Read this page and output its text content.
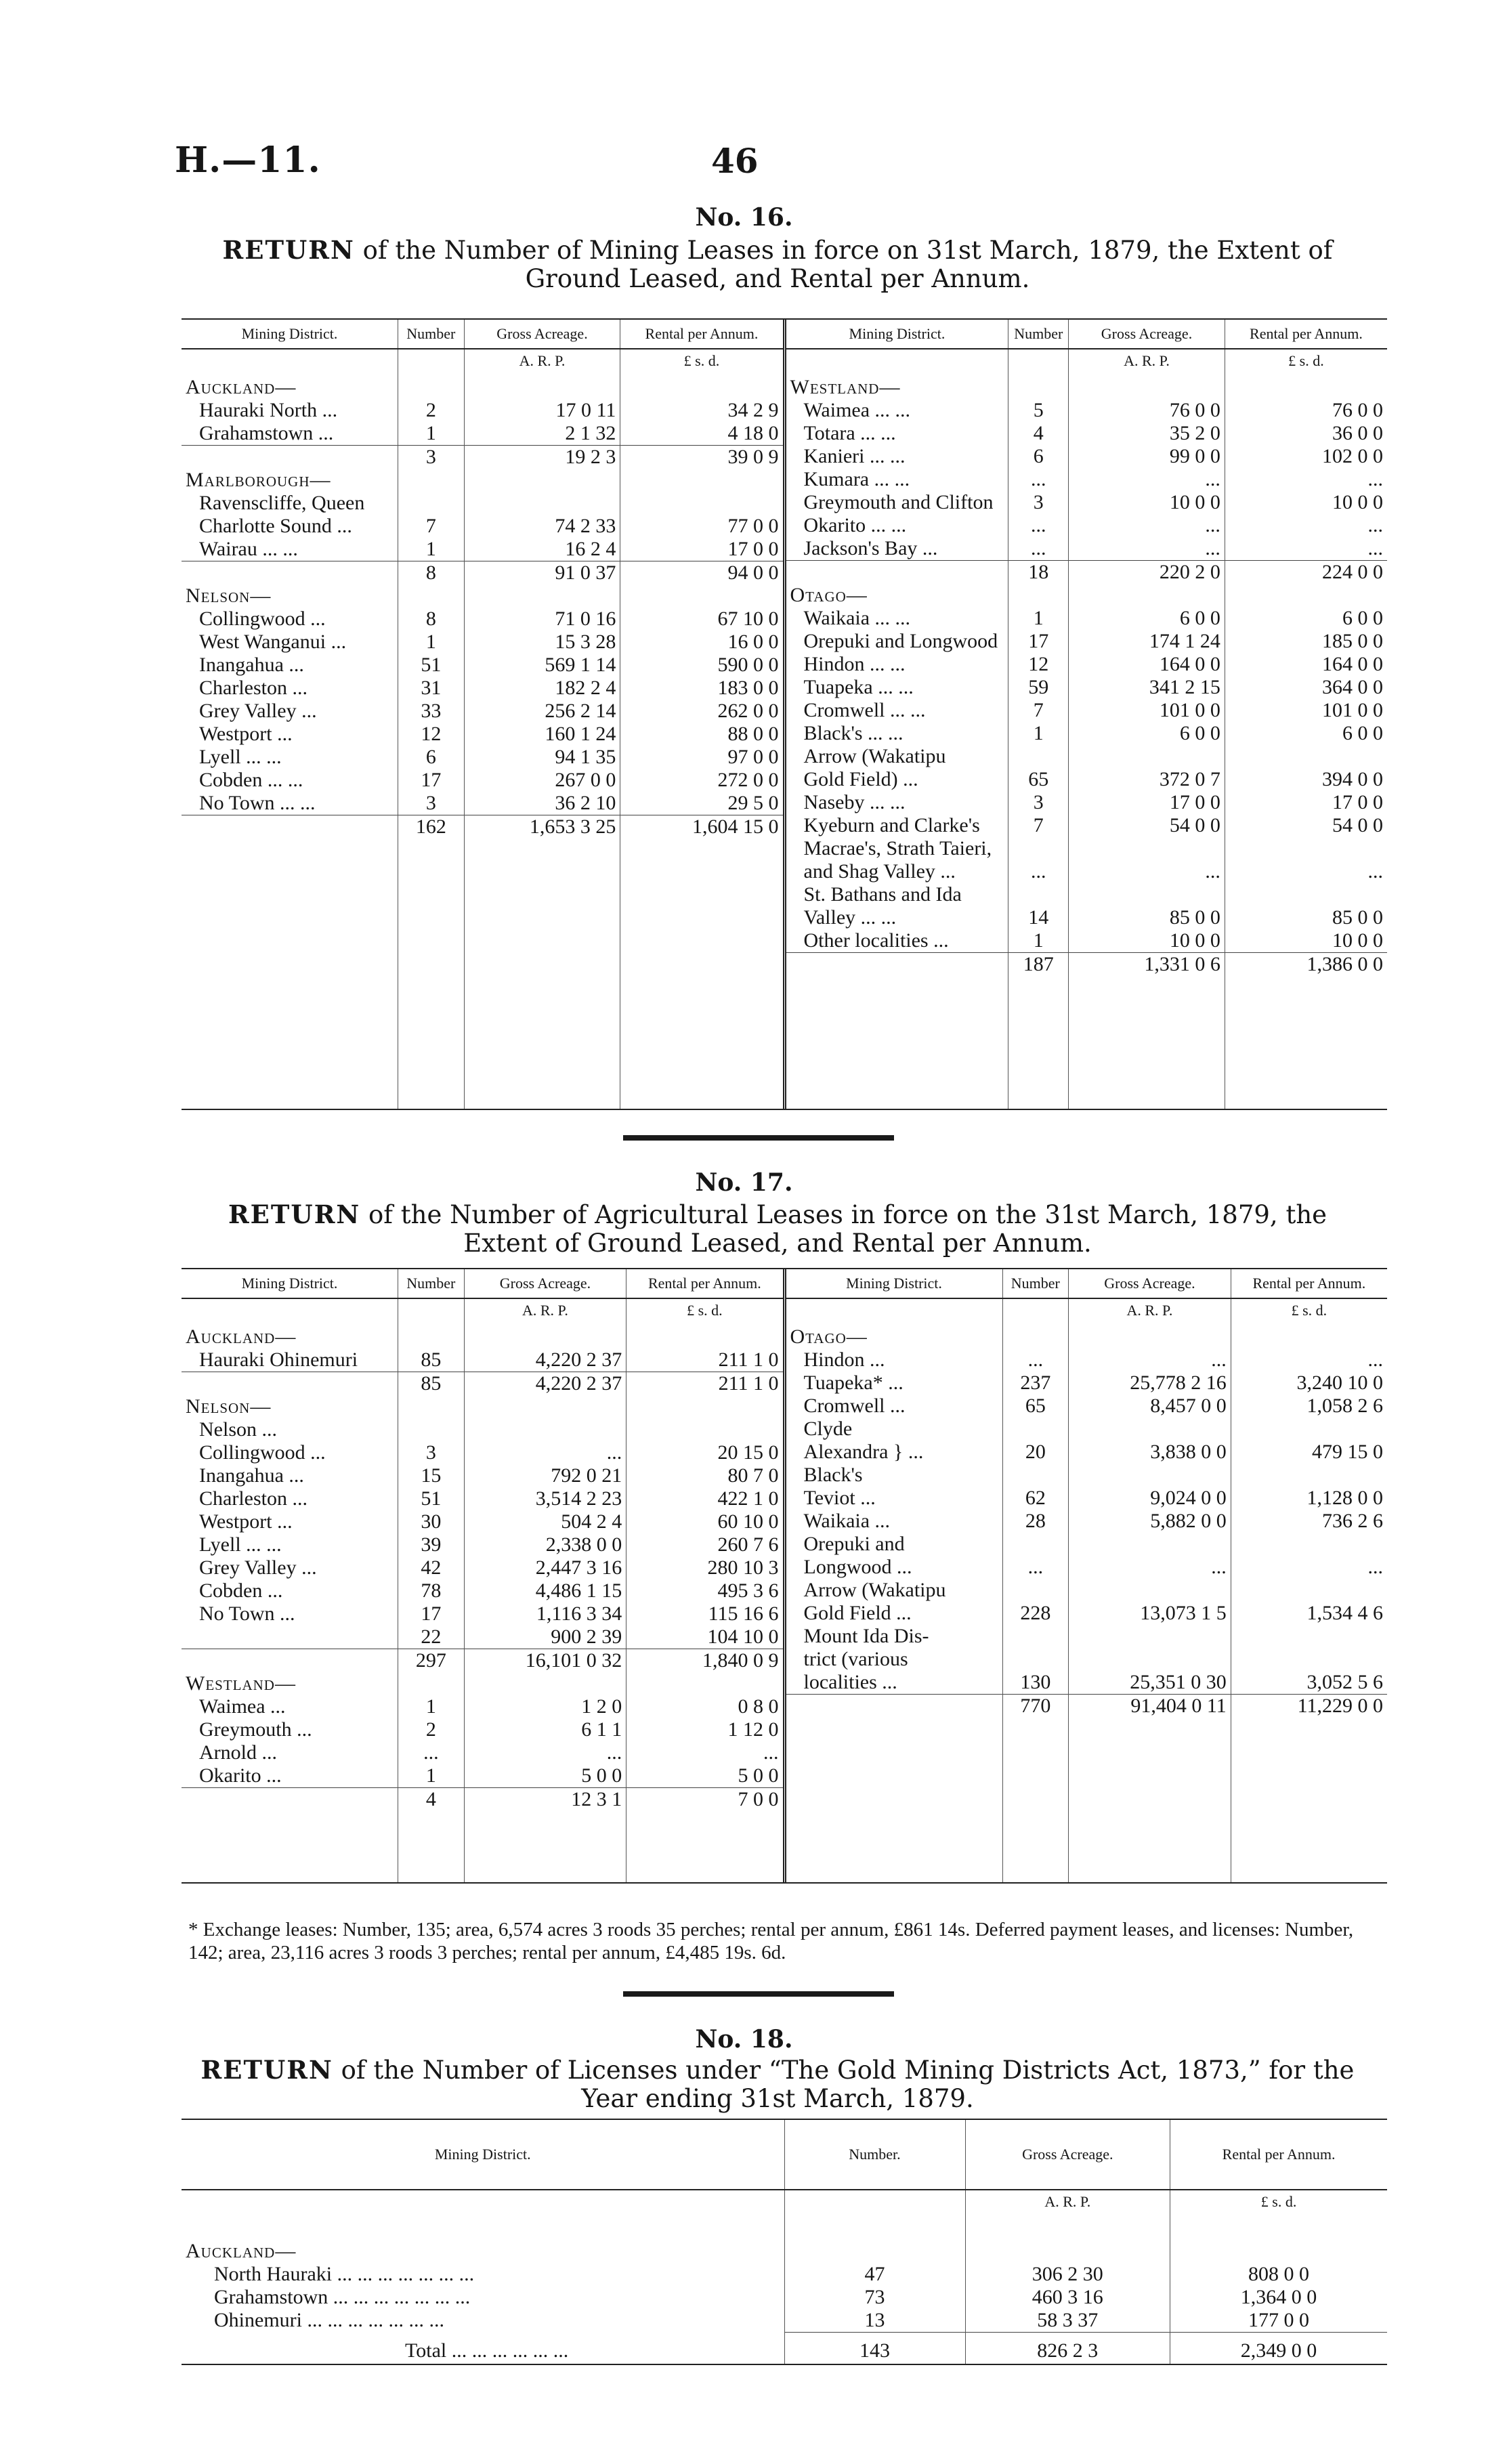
H.—11.	46
No. 16.
RETURN of the Number of Mining Leases in force on 31st March, 1879, the Extent of Ground Leased, and Rental per Annum.
Mining District.	Number	Gross Acreage.	Rental per Annum.
		A. R. P.	£ s. d.
Auckland—			
Hauraki North ...	2	17 0 11	34 2 9
Grahamstown ...	1	2 1 32	4 18 0
	3	19 2 3	39 0 9
Marlborough—			
Ravenscliffe, Queen			
Charlotte Sound ...	7	74 2 33	77 0 0
Wairau ... ...	1	16 2 4	17 0 0
	8	91 0 37	94 0 0
Nelson—			
Collingwood ...	8	71 0 16	67 10 0
West Wanganui ...	1	15 3 28	16 0 0
Inangahua ...	51	569 1 14	590 0 0
Charleston ...	31	182 2 4	183 0 0
Grey Valley ...	33	256 2 14	262 0 0
Westport ...	12	160 1 24	88 0 0
Lyell ... ...	6	94 1 35	97 0 0
Cobden ... ...	17	267 0 0	272 0 0
No Town ... ...	3	36 2 10	29 5 0
	162	1,653 3 25	1,604 15 0

Mining District.	Number	Gross Acreage.	Rental per Annum.
		A. R. P.	£ s. d.
Westland—			
Waimea ... ...	5	76 0 0	76 0 0
Totara ... ...	4	35 2 0	36 0 0
Kanieri ... ...	6	99 0 0	102 0 0
Kumara ... ...	...	...	...
Greymouth and Clifton	3	10 0 0	10 0 0
Okarito ... ...	...	...	...
Jackson's Bay ...	...	...	...
	18	220 2 0	224 0 0
Otago—			
Waikaia ... ...	1	6 0 0	6 0 0
Orepuki and Longwood	17	174 1 24	185 0 0
Hindon ... ...	12	164 0 0	164 0 0
Tuapeka ... ...	59	341 2 15	364 0 0
Cromwell ... ...	7	101 0 0	101 0 0
Black's ... ...	1	6 0 0	6 0 0
Arrow (Wakatipu			
Gold Field) ...	65	372 0 7	394 0 0
Naseby ... ...	3	17 0 0	17 0 0
Kyeburn and Clarke's	7	54 0 0	54 0 0
Macrae's, Strath Taieri,			
and Shag Valley ...	...	...	...
St. Bathans and Ida			
Valley ... ...	14	85 0 0	85 0 0
Other localities ...	1	10 0 0	10 0 0
	187	1,331 0 6	1,386 0 0

No. 17.
RETURN of the Number of Agricultural Leases in force on the 31st March, 1879, the Extent of Ground Leased, and Rental per Annum.
Mining District.	Number	Gross Acreage.	Rental per Annum.
		A. R. P.	£ s. d.
Auckland—			
Hauraki Ohinemuri	85	4,220 2 37	211 1 0
	85	4,220 2 37	211 1 0
Nelson—			
Nelson ...			
Collingwood ...	3	...	20 15 0
Inangahua ...	15	792 0 21	80 7 0
Charleston ...	51	3,514 2 23	422 1 0
Westport ...	30	504 2 4	60 10 0
Lyell ... ...	39	2,338 0 0	260 7 6
Grey Valley ...	42	2,447 3 16	280 10 3
Cobden ...	78	4,486 1 15	495 3 6
No Town ...	17	1,116 3 34	115 16 6
	22	900 2 39	104 10 0
	297	16,101 0 32	1,840 0 9
Westland—			
Waimea ...	1	1 2 0	0 8 0
Greymouth ...	2	6 1 1	1 12 0
Arnold ...	...	...	...
Okarito ...	1	5 0 0	5 0 0
	4	12 3 1	7 0 0

Mining District.	Number	Gross Acreage.	Rental per Annum.
		A. R. P.	£ s. d.
Otago—			
Hindon ...	...	...	...
Tuapeka* ...	237	25,778 2 16	3,240 10 0
Cromwell ...	65	8,457 0 0	1,058 2 6
Clyde			
Alexandra } ...	20	3,838 0 0	479 15 0
Black's			
Teviot ...	62	9,024 0 0	1,128 0 0
Waikaia ...	28	5,882 0 0	736 2 6
Orepuki and			
Longwood ...	...	...	...
Arrow (Wakatipu			
Gold Field ...	228	13,073 1 5	1,534 4 6
Mount Ida Dis-			
trict (various			
localities ...	130	25,351 0 30	3,052 5 6
	770	91,404 0 11	11,229 0 0

* Exchange leases: Number, 135; area, 6,574 acres 3 roods 35 perches; rental per annum, £861 14s. Deferred payment leases, and licenses: Number, 142; area, 23,116 acres 3 roods 3 perches; rental per annum, £4,485 19s. 6d.
No. 18.
RETURN of the Number of Licenses under “The Gold Mining Districts Act, 1873,” for the Year ending 31st March, 1879.
Mining District.	Number.	Gross Acreage.	Rental per Annum.
		A. R. P.	£ s. d.
Auckland—			
North Hauraki ... ... ... ... ... ... ...	47	306 2 30	808 0 0
Grahamstown ... ... ... ... ... ... ...	73	460 3 16	1,364 0 0
Ohinemuri ... ... ... ... ... ... ...	13	58 3 37	177 0 0
Total ... ... ... ... ... ...	143	826 2 3	2,349 0 0
